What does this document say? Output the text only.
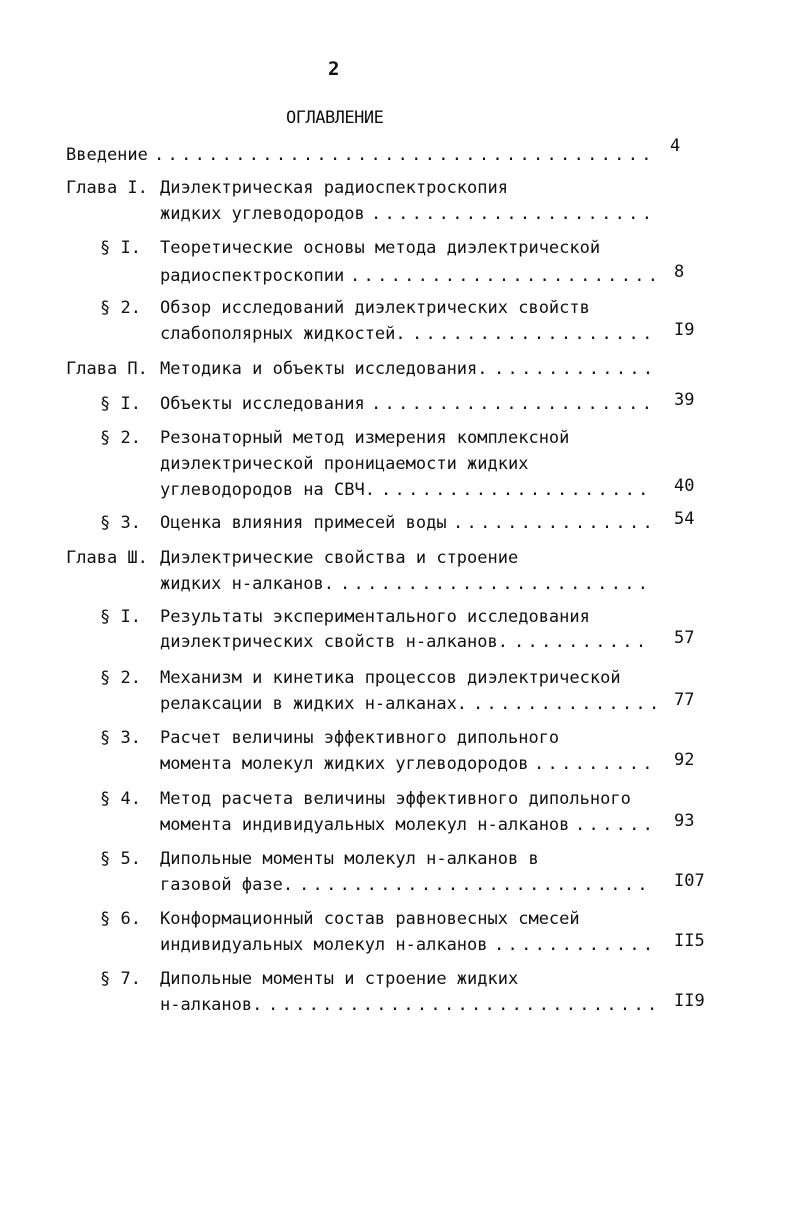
2
ОГЛАВЛЕНИЕ
Введение ..................................... 4
Глава I. Диэлектрическая радиоспектроскопия
жидких углеводородов .....................
§ I. Теоретические основы метода диэлектрической
радиоспектроскопии ....................... 8
§ 2. Обзор исследований диэлектрических свойств
слабополярных жидкостей. .................. I9
Глава П. Методика и объекты исследования. ............
§ I. Объекты исследования ..................... 39
§ 2. Резонаторный метод измерения комплексной
диэлектрической проницаемости жидких
углеводородов на СВЧ. .................... 40
§ 3. Оценка влияния примесей воды ............... 54
Глава Ш. Диэлектрические свойства и строение
жидких н-алканов. .......................
§ I. Результаты экспериментального исследования
диэлектрических свойств н-алканов. .......... 57
§ 2. Механизм и кинетика процессов диэлектрической
релаксации в жидких н-алканах. .............. 77
§ 3. Расчет величины эффективного дипольного
момента молекул жидких углеводородов ......... 92
§ 4. Метод расчета величины эффективного дипольного
момента индивидуальных молекул н-алканов ...... 93
§ 5. Дипольные моменты молекул н-алканов в
газовой фазе. .......................... I07
§ 6. Конформационный состав равновесных смесей
индивидуальных молекул н-алканов ............ II5
§ 7. Дипольные моменты и строение жидких
н-алканов. ............................. II9
